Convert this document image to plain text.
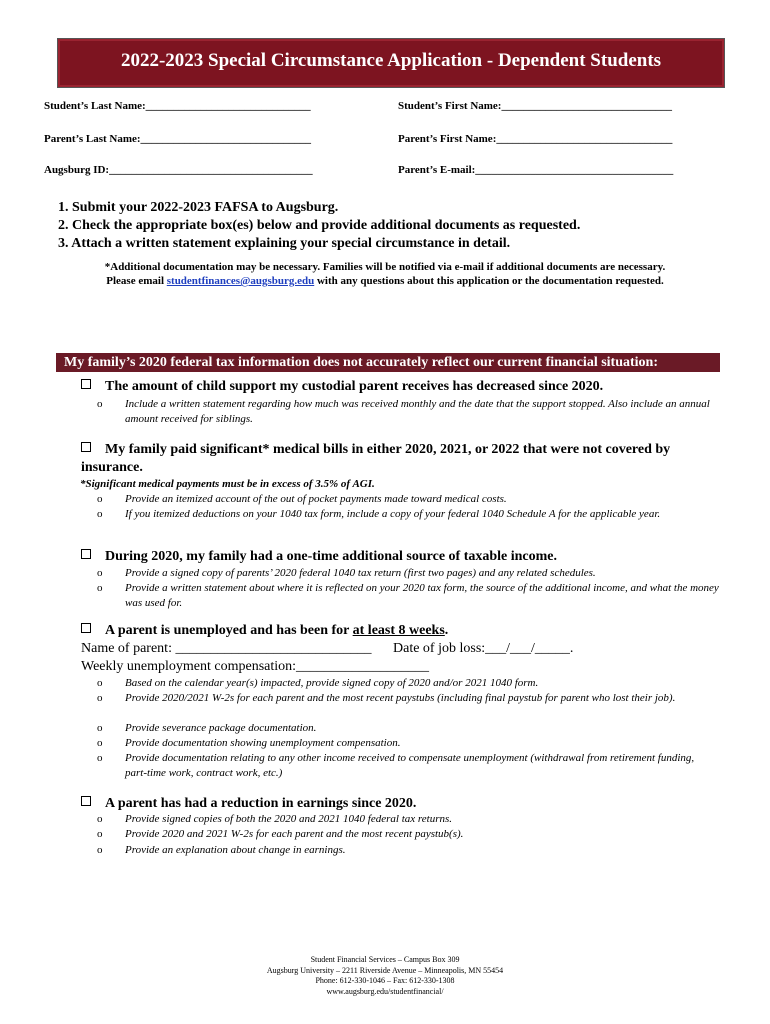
2022-2023 Special Circumstance Application - Dependent Students
Student’s Last Name:______________________________	Student’s First Name:_______________________________
Parent’s Last Name:_______________________________	Parent’s First Name:________________________________
Augsburg ID:_____________________________________	Parent’s E-mail:____________________________________
1. Submit your 2022-2023 FAFSA to Augsburg.
2. Check the appropriate box(es) below and provide additional documents as requested.
3. Attach a written statement explaining your special circumstance in detail.
*Additional documentation may be necessary. Families will be notified via e-mail if additional documents are necessary.
Please email studentfinances@augsburg.edu with any questions about this application or the documentation requested.
My family’s 2020 federal tax information does not accurately reflect our current financial situation:
The amount of child support my custodial parent receives has decreased since 2020.
o Include a written statement regarding how much was received monthly and the date that the support stopped. Also include an annual amount received for siblings.
My family paid significant* medical bills in either 2020, 2021, or 2022 that were not covered by insurance.
*Significant medical payments must be in excess of 3.5% of AGI.
o Provide an itemized account of the out of pocket payments made toward medical costs.
o If you itemized deductions on your 1040 tax form, include a copy of your federal 1040 Schedule A for the applicable year.
During 2020, my family had a one-time additional source of taxable income.
o Provide a signed copy of parents’ 2020 federal 1040 tax return (first two pages) and any related schedules.
o Provide a written statement about where it is reflected on your 2020 tax form, the source of the additional income, and what the money was used for.
A parent is unemployed and has been for at least 8 weeks.
Name of parent: ____________________________ Date of job loss:___/___/_____.
Weekly unemployment compensation:___________________
o Based on the calendar year(s) impacted, provide signed copy of 2020 and/or 2021 1040 form.
o Provide 2020/2021 W-2s for each parent and the most recent paystubs (including final paystub for parent who lost their job).
o Provide severance package documentation.
o Provide documentation showing unemployment compensation.
o Provide documentation relating to any other income received to compensate unemployment (withdrawal from retirement funding, part-time work, contract work, etc.)
A parent has had a reduction in earnings since 2020.
o Provide signed copies of both the 2020 and 2021 1040 federal tax returns.
o Provide 2020 and 2021 W-2s for each parent and the most recent paystub(s).
o Provide an explanation about change in earnings.
Student Financial Services – Campus Box 309
Augsburg University – 2211 Riverside Avenue – Minneapolis, MN 55454
Phone: 612-330-1046 – Fax: 612-330-1308
www.augsburg.edu/studentfinancial/
